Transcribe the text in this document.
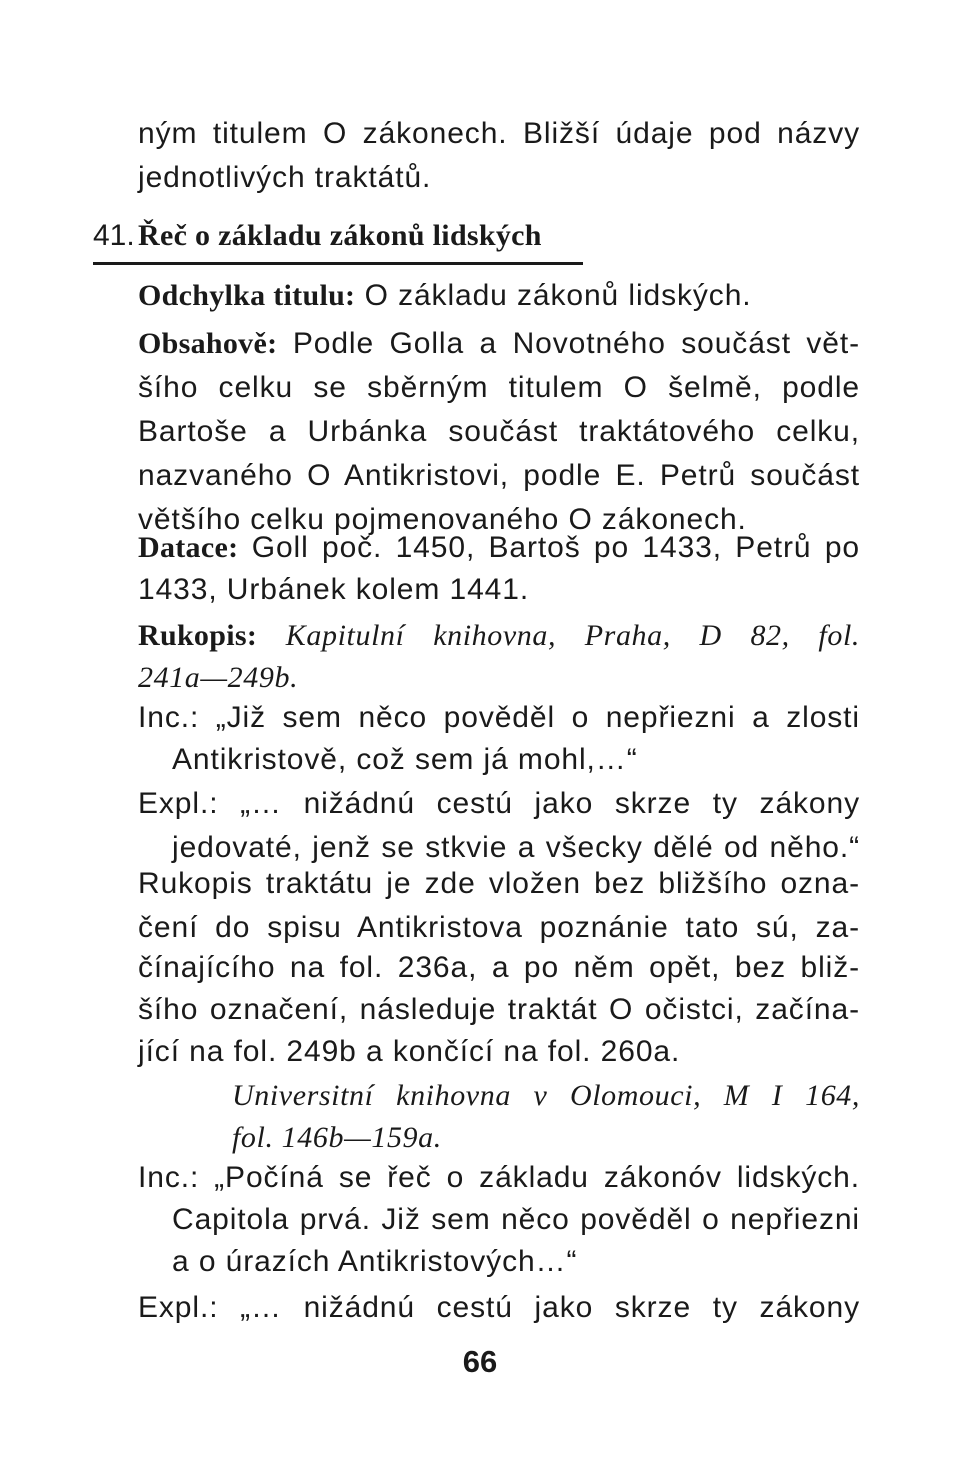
ným titulem O zákonech. Bližší údaje pod názvy
jednotlivých traktátů.
41. Řeč o základu zákonů lidských
Odchylka titulu: O základu zákonů lidských.
Obsahově: Podle Golla a Novotného součást vět-
šího celku se sběrným titulem O šelmě, podle
Bartoše a Urbánka součást traktátového celku,
nazvaného O Antikristovi, podle E. Petrů součást
většího celku pojmenovaného O zákonech.
Datace: Goll poč. 1450, Bartoš po 1433, Petrů po
1433, Urbánek kolem 1441.
Rukopis: Kapitulní knihovna, Praha, D 82, fol.
241a—249b.
Inc.: „Již sem něco pověděl o nepřiezni a zlosti
Antikristově, což sem já mohl,…“
Expl.: „… nižádnú cestú jako skrze ty zákony
jedovaté, jenž se stkvie a všecky dělé od něho.“
Rukopis traktátu je zde vložen bez bližšího ozna-
čení do spisu Antikristova poznánie tato sú, za-
čínajícího na fol. 236a, a po něm opět, bez bliž-
šího označení, následuje traktát O očistci, začína-
jící na fol. 249b a končící na fol. 260a.
Universitní knihovna v Olomouci, M I 164,
fol. 146b—159a.
Inc.: „Počíná se řeč o základu zákonóv lidských.
Capitola prvá. Již sem něco pověděl o nepřiezni
a o úrazích Antikristových…“
Expl.: „… nižádnú cestú jako skrze ty zákony
66
